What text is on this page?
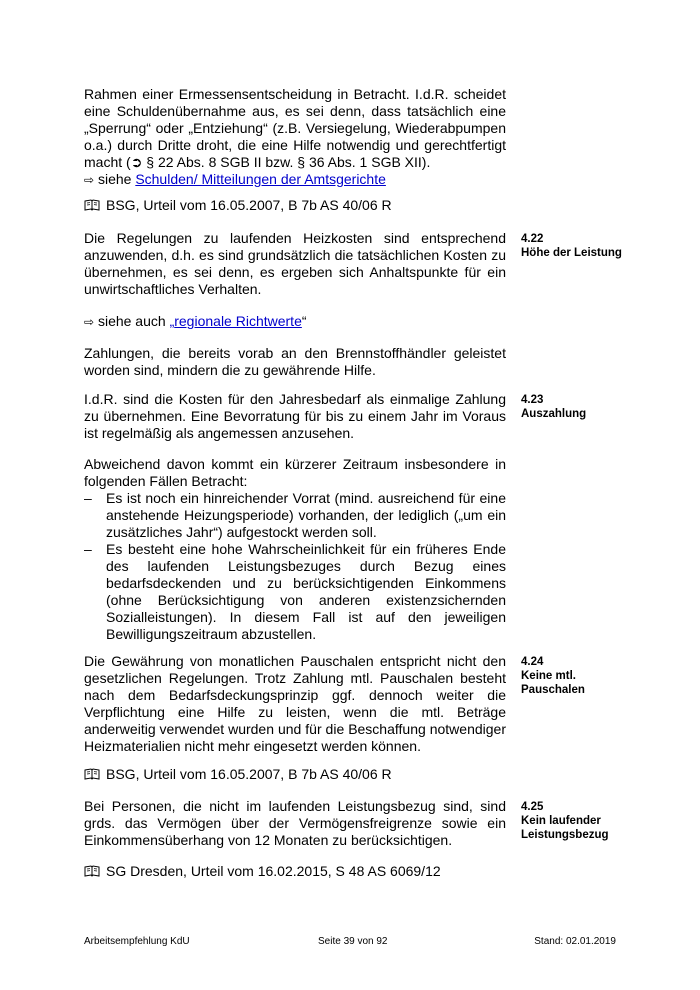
Rahmen einer Ermessensentscheidung in Betracht. I.d.R. scheidet eine Schuldenübernahme aus, es sei denn, dass tatsächlich eine „Sperrung“ oder „Entziehung“ (z.B. Versiegelung, Wiederabpumpen o.a.) durch Dritte droht, die eine Hilfe notwendig und gerechtfertigt macht (➲ § 22 Abs. 8 SGB II bzw. § 36 Abs. 1 SGB XII).

⇨ siehe Schulden/ Mitteilungen der Amtsgerichte

BSG, Urteil vom 16.05.2007, B 7b AS 40/06 R

Die Regelungen zu laufenden Heizkosten sind entsprechend anzuwenden, d.h. es sind grundsätzlich die tatsächlichen Kosten zu übernehmen, es sei denn, es ergeben sich Anhaltspunkte für ein unwirtschaftliches Verhalten.

4.22
Höhe der Leistung

⇨ siehe auch „regionale Richtwerte“

Zahlungen, die bereits vorab an den Brennstoffhändler geleistet worden sind, mindern die zu gewährende Hilfe.

I.d.R. sind die Kosten für den Jahresbedarf als einmalige Zahlung zu übernehmen. Eine Bevorratung für bis zu einem Jahr im Voraus ist regelmäßig als angemessen anzusehen.

4.23
Auszahlung

Abweichend davon kommt ein kürzerer Zeitraum insbesondere in folgenden Fällen Betracht:

– Es ist noch ein hinreichender Vorrat (mind. ausreichend für eine anstehende Heizungsperiode) vorhanden, der lediglich („um ein zusätzliches Jahr“) aufgestockt werden soll.
– Es besteht eine hohe Wahrscheinlichkeit für ein früheres Ende des laufenden Leistungsbezuges durch Bezug eines bedarfsdeckenden und zu berücksichtigenden Einkommens (ohne Berücksichtigung von anderen existenzsichernden Sozialleistungen). In diesem Fall ist auf den jeweiligen Bewilligungszeitraum abzustellen.

Die Gewährung von monatlichen Pauschalen entspricht nicht den gesetzlichen Regelungen. Trotz Zahlung mtl. Pauschalen besteht nach dem Bedarfsdeckungsprinzip ggf. dennoch weiter die Verpflichtung eine Hilfe zu leisten, wenn die mtl. Beträge anderweitig verwendet wurden und für die Beschaffung notwendiger Heizmaterialien nicht mehr eingesetzt werden können.

4.24
Keine mtl. Pauschalen

BSG, Urteil vom 16.05.2007, B 7b AS 40/06 R

Bei Personen, die nicht im laufenden Leistungsbezug sind, sind grds. das Vermögen über der Vermögensfreigrenze sowie ein Einkommensüberhang von 12 Monaten zu berücksichtigen.

4.25
Kein laufender Leistungsbezug

SG Dresden, Urteil vom 16.02.2015, S 48 AS 6069/12

Arbeitsempfehlung KdU	Seite 39 von 92	Stand: 02.01.2019
